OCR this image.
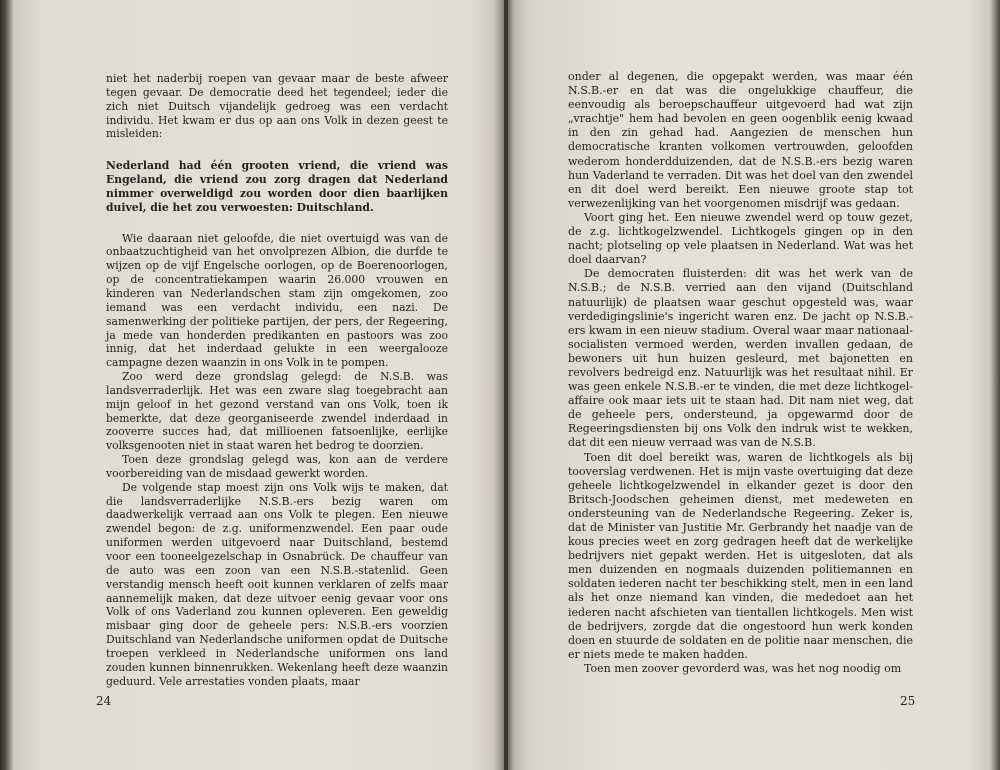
niet het naderbij roepen van gevaar maar de beste afweer tegen gevaar. De democratie deed het tegendeel; ieder die zich niet Duitsch vijandelijk gedroeg was een verdacht individu. Het kwam er dus op aan ons Volk in dezen geest te misleiden:

Nederland had één grooten vriend, die vriend was Engeland, die vriend zou zorg dragen dat Nederland nimmer overweldigd zou worden door dien baarlijken duivel, die het zou verwoesten: Duitschland.

Wie daaraan niet geloofde, die niet overtuigd was van de onbaatzuchtigheid van het onvolprezen Albion, die durfde te wijzen op de vijf Engelsche oorlogen, op de Boerenoorlogen, op de concentratiekampen waarin 26.000 vrouwen en kinderen van Nederlandschen stam zijn omgekomen, zoo iemand was een verdacht individu, een nazi. De samenwerking der politieke partijen, der pers, der Regeering, ja mede van honderden predikanten en pastoors was zoo innig, dat het inderdaad gelukte in een weergalooze campagne dezen waanzin in ons Volk in te pompen.

Zoo werd deze grondslag gelegd: de N.S.B. was landsverraderlijk. Het was een zware slag toegebracht aan mijn geloof in het gezond verstand van ons Volk, toen ik bemerkte, dat deze georganiseerde zwendel inderdaad in zooverre succes had, dat millioenen fatsoenlijke, eerlijke volksgenooten niet in staat waren het bedrog te doorzien.

Toen deze grondslag gelegd was, kon aan de verdere voorbereiding van de misdaad gewerkt worden.

De volgende stap moest zijn ons Volk wijs te maken, dat die landsverraderlijke N.S.B.-ers bezig waren om daadwerkelijk verraad aan ons Volk te plegen. Een nieuwe zwendel begon: de z.g. uniformenzwendel. Een paar oude uniformen werden uitgevoerd naar Duitschland, bestemd voor een tooneelgezelschap in Osnabrück. De chauffeur van de auto was een zoon van een N.S.B.-statenlid. Geen verstandig mensch heeft ooit kunnen verklaren of zelfs maar aannemelijk maken, dat deze uitvoer eenig gevaar voor ons Volk of ons Vaderland zou kunnen opleveren. Een geweldig misbaar ging door de geheele pers: N.S.B.-ers voorzien Duitschland van Nederlandsche uniformen opdat de Duitsche troepen verkleed in Nederlandsche uniformen ons land zouden kunnen binnenrukken. Wekenlang heeft deze waanzin geduurd. Vele arrestaties vonden plaats, maar

24

onder al degenen, die opgepakt werden, was maar één N.S.B.-er en dat was die ongelukkige chauffeur, die eenvoudig als beroepschauffeur uitgevoerd had wat zijn „vrachtje" hem had bevolen en geen oogenblik eenig kwaad in den zin gehad had. Aangezien de menschen hun democratische kranten volkomen vertrouwden, geloofden wederom honderdduizenden, dat de N.S.B.-ers bezig waren hun Vaderland te verraden. Dit was het doel van den zwendel en dit doel werd bereikt. Een nieuwe groote stap tot verwezenlijking van het voorgenomen misdrijf was gedaan.

Voort ging het. Een nieuwe zwendel werd op touw gezet, de z.g. lichtkogelzwendel. Lichtkogels gingen op in den nacht; plotseling op vele plaatsen in Nederland. Wat was het doel daarvan?

De democraten fluisterden: dit was het werk van de N.S.B.; de N.S.B. verried aan den vijand (Duitschland natuurlijk) de plaatsen waar geschut opgesteld was, waar verdedigingslinie's ingericht waren enz. De jacht op N.S.B.-ers kwam in een nieuw stadium. Overal waar maar nationaal-socialisten vermoed werden, werden invallen gedaan, de bewoners uit hun huizen gesleurd, met bajonetten en revolvers bedreigd enz. Natuurlijk was het resultaat nihil. Er was geen enkele N.S.B.-er te vinden, die met deze lichtkogel-affaire ook maar iets uit te staan had. Dit nam niet weg, dat de geheele pers, ondersteund, ja opgewarmd door de Regeeringsdiensten bij ons Volk den indruk wist te wekken, dat dit een nieuw verraad was van de N.S.B.

Toen dit doel bereikt was, waren de lichtkogels als bij tooverslag verdwenen. Het is mijn vaste overtuiging dat deze geheele lichtkogelzwendel in elkander gezet is door den Britsch-Joodschen geheimen dienst, met medeweten en ondersteuning van de Nederlandsche Regeering. Zeker is, dat de Minister van Justitie Mr. Gerbrandy het naadje van de kous precies weet en zorg gedragen heeft dat de werkelijke bedrijvers niet gepakt werden. Het is uitgesloten, dat als men duizenden en nogmaals duizenden politiemannen en soldaten iederen nacht ter beschikking stelt, men in een land als het onze niemand kan vinden, die mededoet aan het iederen nacht afschieten van tientallen lichtkogels. Men wist de bedrijvers, zorgde dat die ongestoord hun werk konden doen en stuurde de soldaten en de politie naar menschen, die er niets mede te maken hadden.

Toen men zoover gevorderd was, was het nog noodig om

25
